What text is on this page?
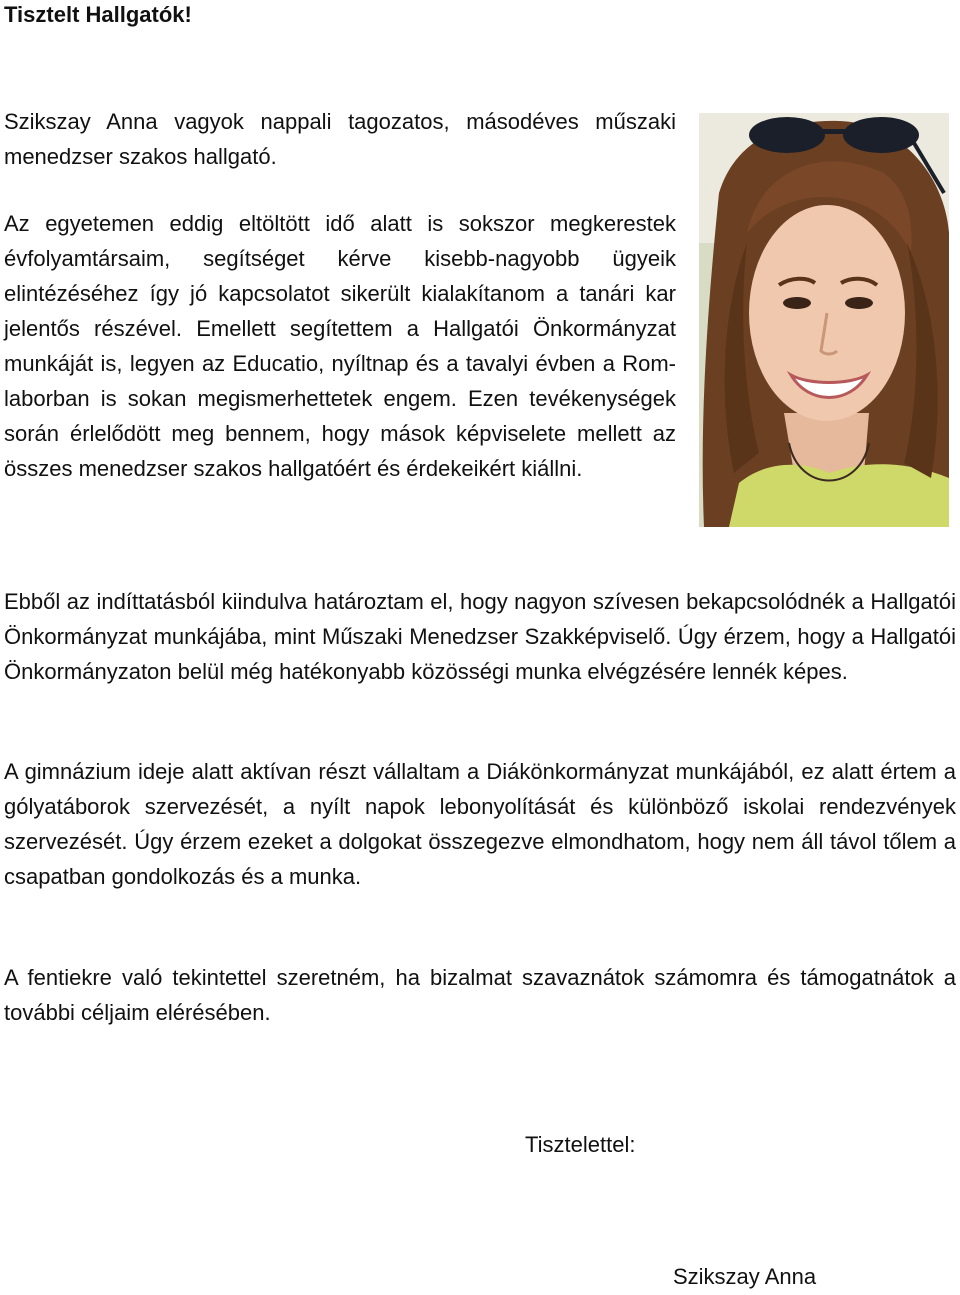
Tisztelt Hallgatók!

Szikszay Anna vagyok nappali tagozatos, másodéves műszaki menedzser szakos hallgató.

Az egyetemen eddig eltöltött idő alatt is sokszor megkerestek évfolyamtársaim, segítséget kérve kisebb-nagyobb ügyeik elintézéséhez így jó kapcsolatot sikerült kialakítanom a tanári kar jelentős részével. Emellett segítettem a Hallgatói Önkormányzat munkáját is, legyen az Educatio, nyíltnap és a tavalyi évben a Rom-laborban is sokan megismerhettetek engem. Ezen tevékenységek során érlelődött meg bennem, hogy mások képviselete mellett az összes menedzser szakos hallgatóért és érdekeikért kiállni.

Ebből az indíttatásból kiindulva határoztam el, hogy nagyon szívesen bekapcsolódnék a Hallgatói Önkormányzat munkájába, mint Műszaki Menedzser Szakképviselő. Úgy érzem, hogy a Hallgatói Önkormányzaton belül még hatékonyabb közösségi munka elvégzésére lennék képes.

A gimnázium ideje alatt aktívan részt vállaltam a Diákönkormányzat munkájából, ez alatt értem a gólyatáborok szervezését, a nyílt napok lebonyolítását és különböző iskolai rendezvények szervezését. Úgy érzem ezeket a dolgokat összegezve elmondhatom, hogy nem áll távol tőlem a csapatban gondolkozás és a munka.

A fentiekre való tekintettel szeretném, ha bizalmat szavaznátok számomra és támogatnátok a további céljaim elérésében.

Tisztelettel:

Szikszay Anna
